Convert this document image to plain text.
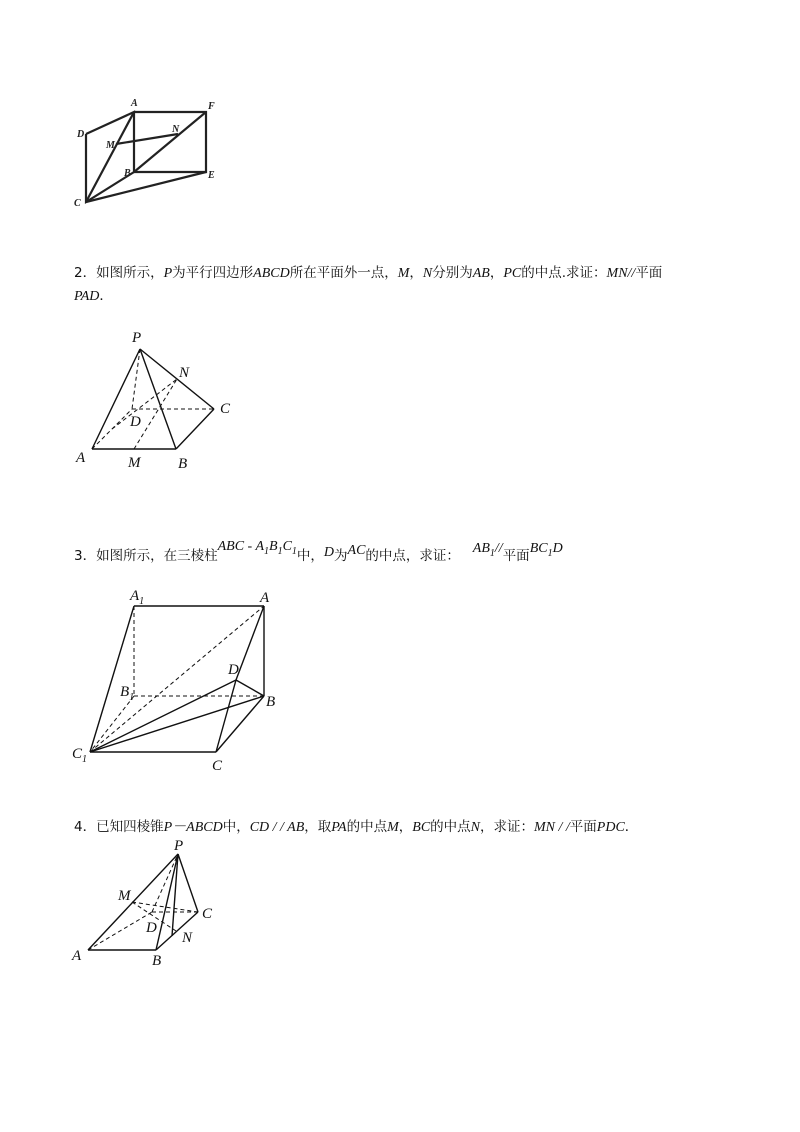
A	F
D	N
M
B	E
C
2．如图所示，P为平行四边形ABCD所在平面外一点，M，N分别为AB，PC的中点.求证：MN//平面
PAD．
P
N
C
D
A	M	B
3．如图所示，在三棱柱ABC - $A_1B_1C_1$中，D为AC的中点，求证： $AB_1//$平面$BC_1D$
$A_1$	A
D
$B_1$	B
$C_1$	C
4．已知四棱锥P－ABCD中，CD / / AB，取PA的中点M，BC的中点N，求证：MN / /平面PDC．
P
M
C
D
N
A	B
